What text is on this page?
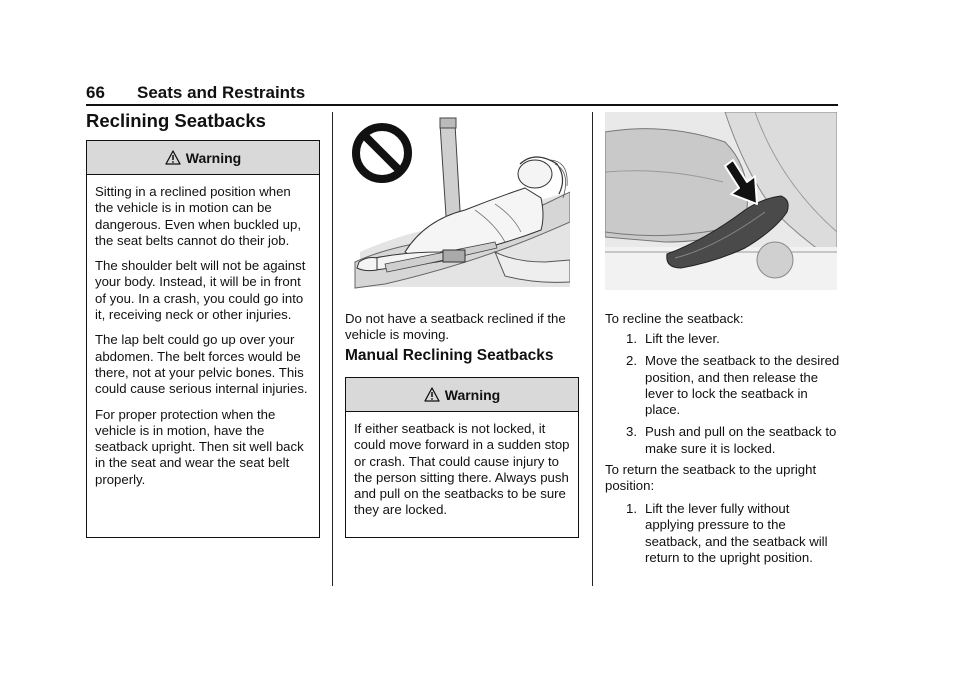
66 Seats and Restraints
Reclining Seatbacks
Warning

Sitting in a reclined position when the vehicle is in motion can be dangerous. Even when buckled up, the seat belts cannot do their job.

The shoulder belt will not be against your body. Instead, it will be in front of you. In a crash, you could go into it, receiving neck or other injuries.

The lap belt could go up over your abdomen. The belt forces would be there, not at your pelvic bones. This could cause serious internal injuries.

For proper protection when the vehicle is in motion, have the seatback upright. Then sit well back in the seat and wear the seat belt properly.

Do not have a seatback reclined if the vehicle is moving.
Manual Reclining Seatbacks
Warning

If either seatback is not locked, it could move forward in a sudden stop or crash. That could cause injury to the person sitting there. Always push and pull on the seatbacks to be sure they are locked.

To recline the seatback:
1. Lift the lever.
2. Move the seatback to the desired position, and then release the lever to lock the seatback in place.
3. Push and pull on the seatback to make sure it is locked.
To return the seatback to the upright position:
1. Lift the lever fully without applying pressure to the seatback, and the seatback will return to the upright position.
